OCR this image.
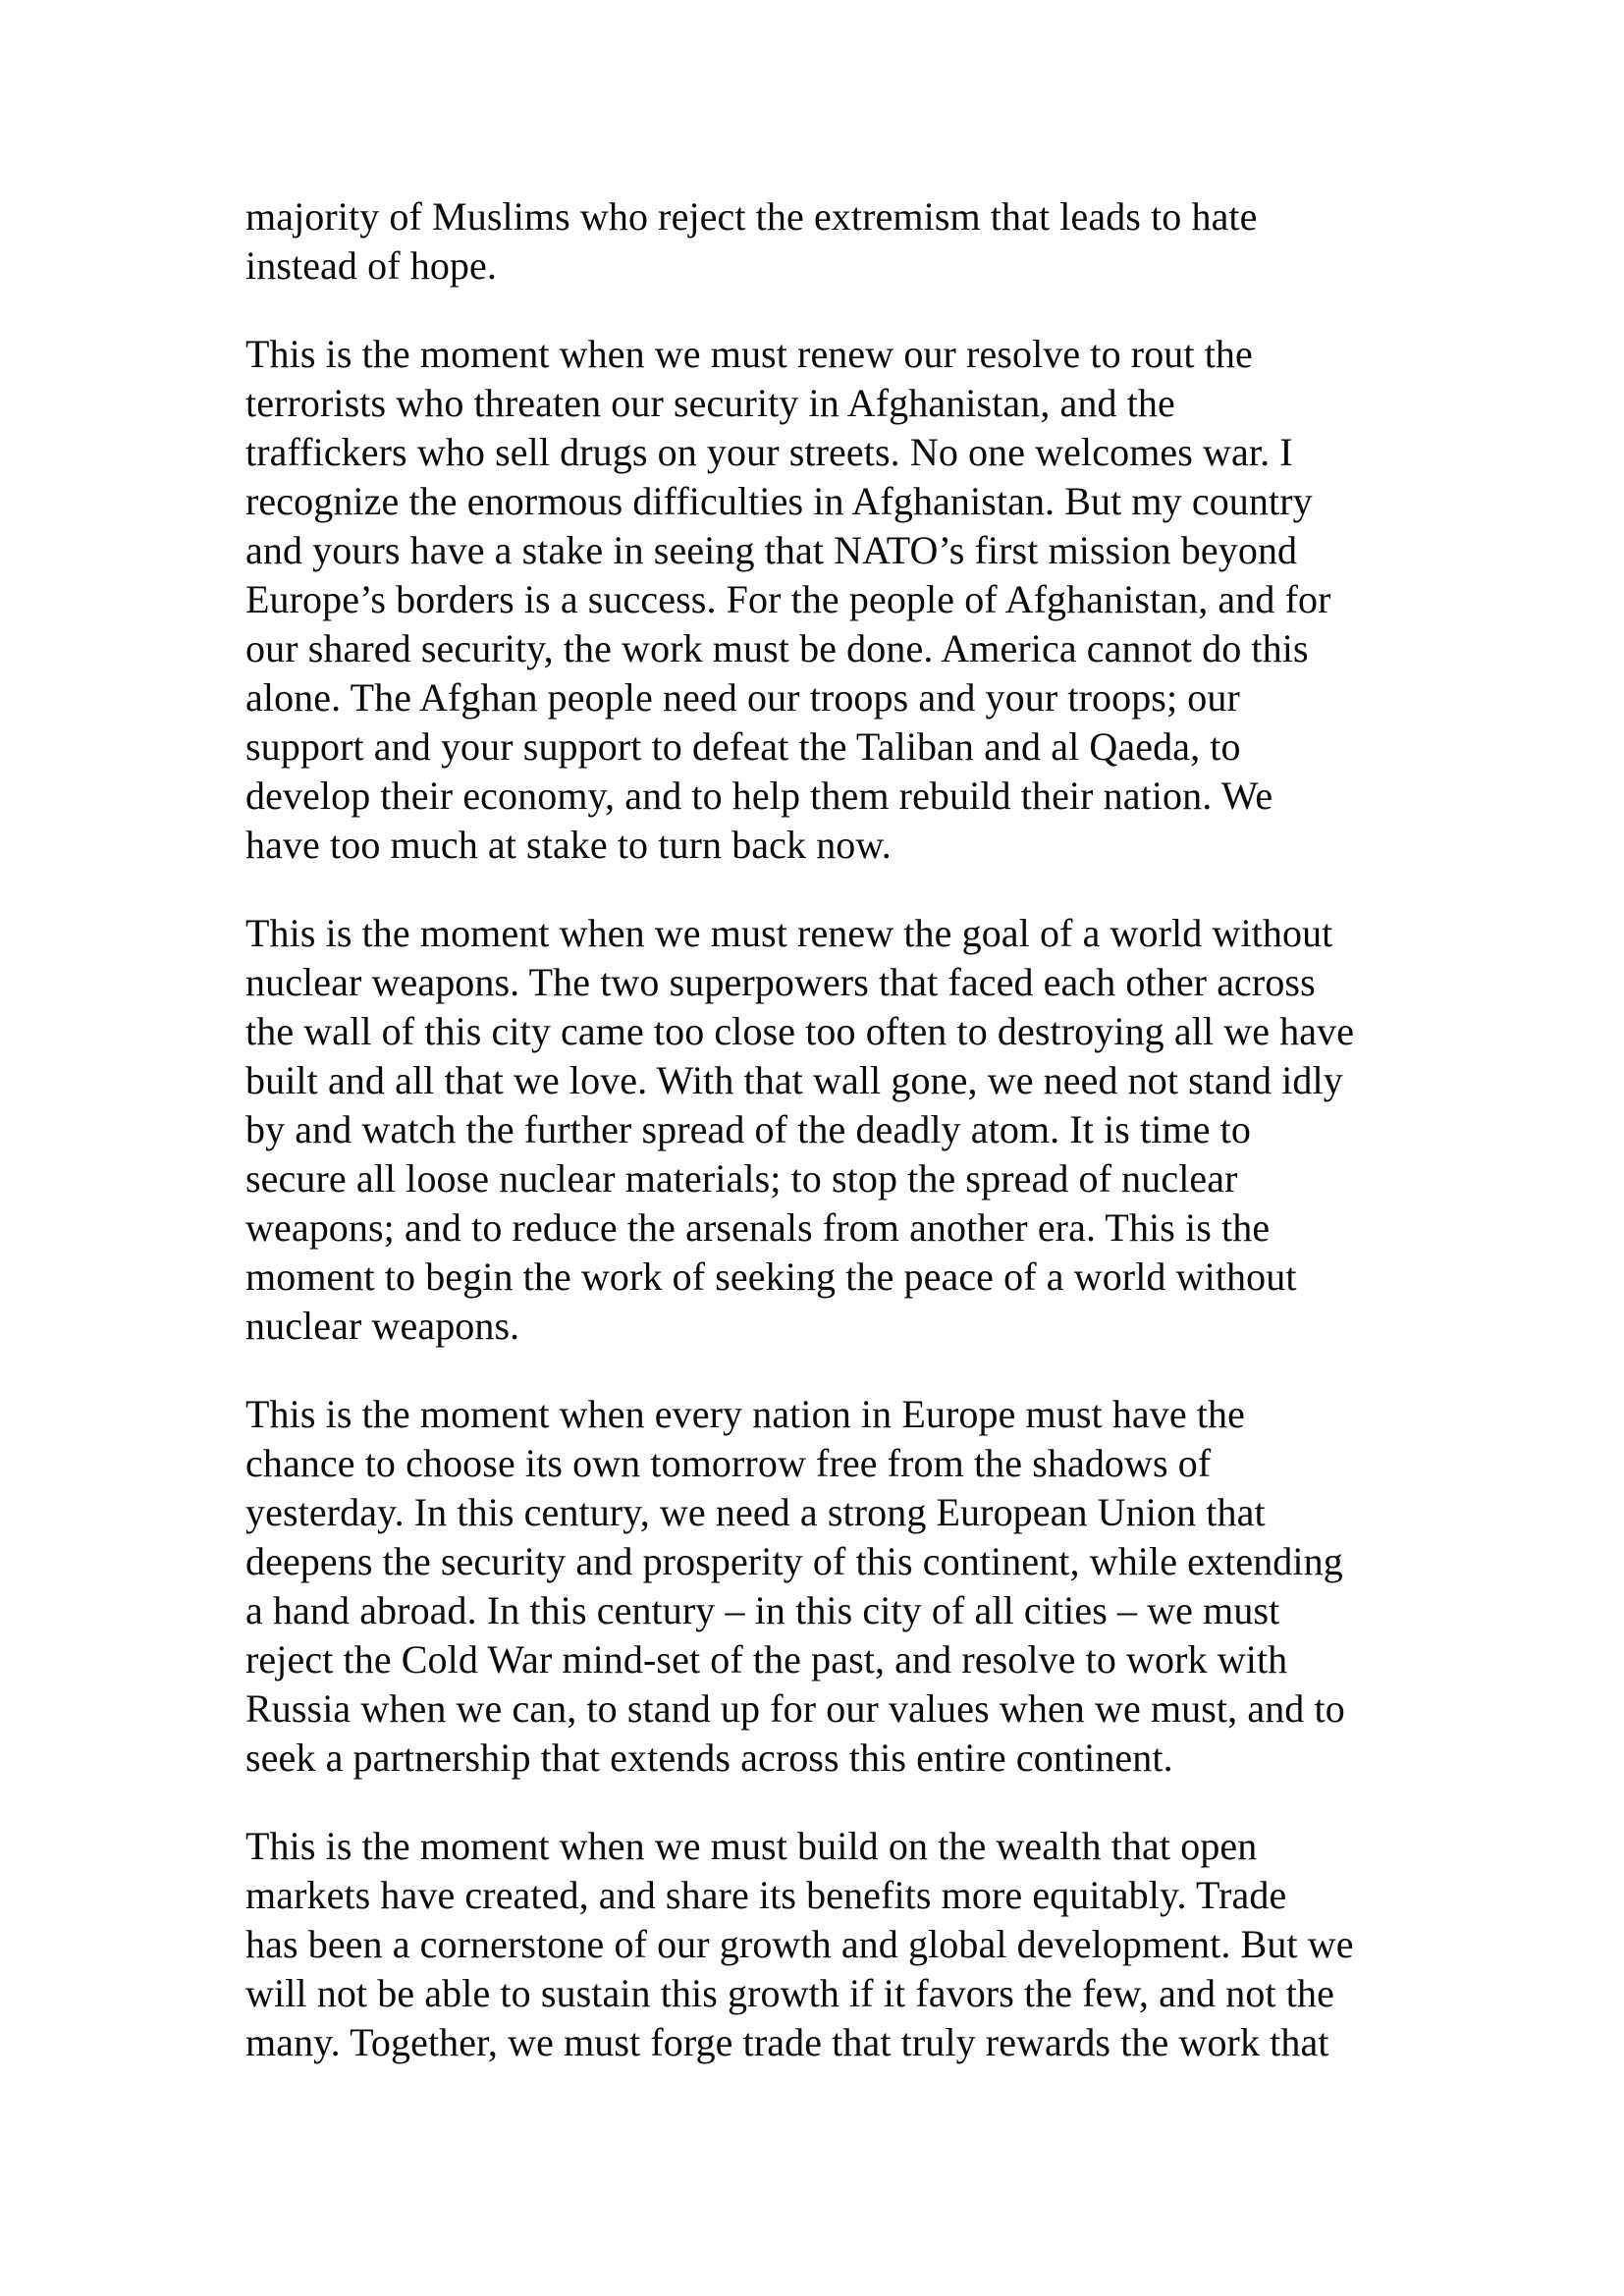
majority of Muslims who reject the extremism that leads to hate
instead of hope.
This is the moment when we must renew our resolve to rout the
terrorists who threaten our security in Afghanistan, and the
traffickers who sell drugs on your streets. No one welcomes war. I
recognize the enormous difficulties in Afghanistan. But my country
and yours have a stake in seeing that NATO’s first mission beyond
Europe’s borders is a success. For the people of Afghanistan, and for
our shared security, the work must be done. America cannot do this
alone. The Afghan people need our troops and your troops; our
support and your support to defeat the Taliban and al Qaeda, to
develop their economy, and to help them rebuild their nation. We
have too much at stake to turn back now.
This is the moment when we must renew the goal of a world without
nuclear weapons. The two superpowers that faced each other across
the wall of this city came too close too often to destroying all we have
built and all that we love. With that wall gone, we need not stand idly
by and watch the further spread of the deadly atom. It is time to
secure all loose nuclear materials; to stop the spread of nuclear
weapons; and to reduce the arsenals from another era. This is the
moment to begin the work of seeking the peace of a world without
nuclear weapons.
This is the moment when every nation in Europe must have the
chance to choose its own tomorrow free from the shadows of
yesterday. In this century, we need a strong European Union that
deepens the security and prosperity of this continent, while extending
a hand abroad. In this century – in this city of all cities – we must
reject the Cold War mind-set of the past, and resolve to work with
Russia when we can, to stand up for our values when we must, and to
seek a partnership that extends across this entire continent.
This is the moment when we must build on the wealth that open
markets have created, and share its benefits more equitably. Trade
has been a cornerstone of our growth and global development. But we
will not be able to sustain this growth if it favors the few, and not the
many. Together, we must forge trade that truly rewards the work that
